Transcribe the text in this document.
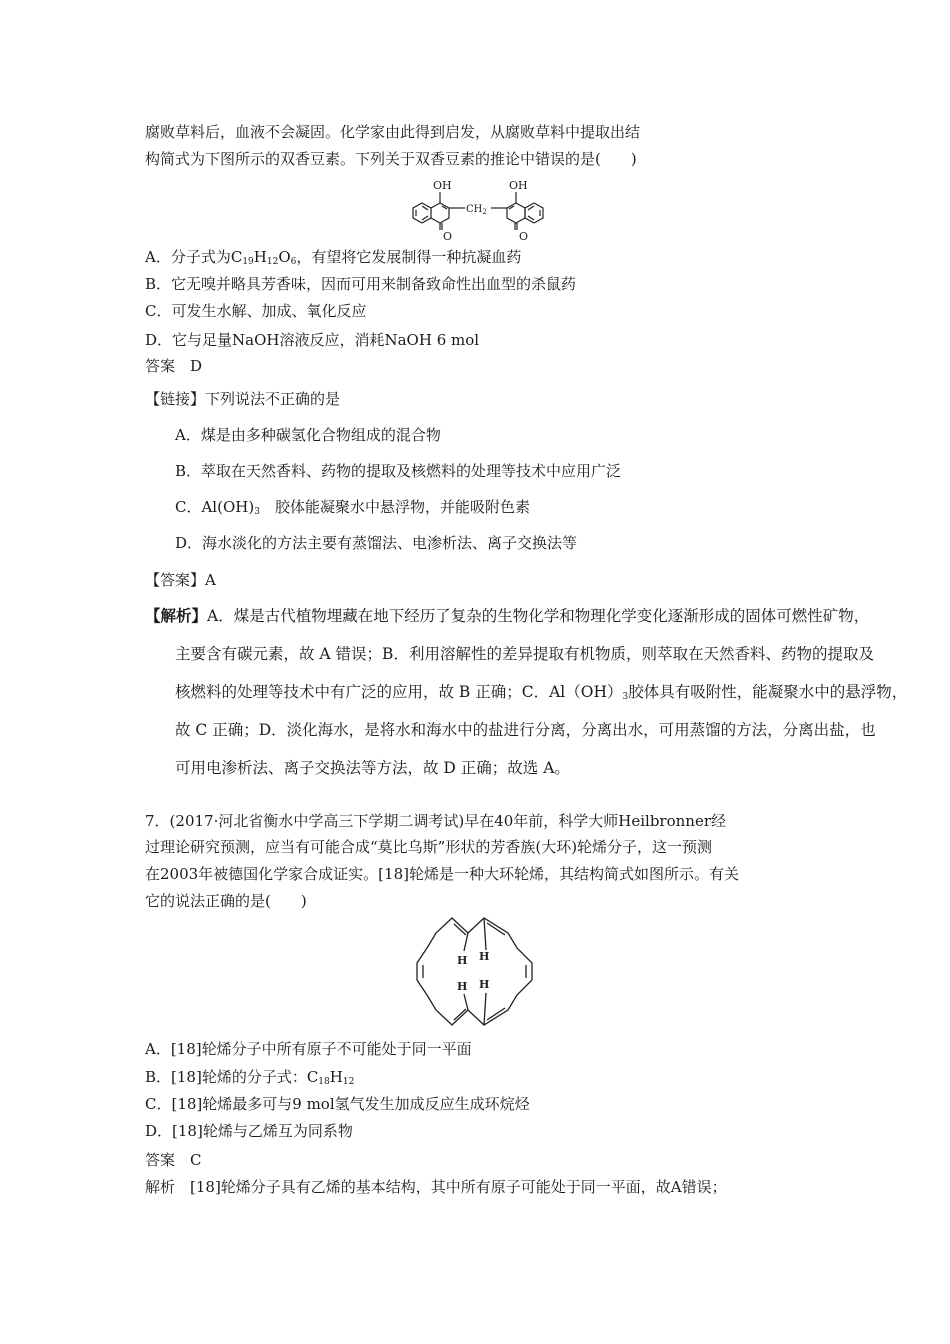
腐败草料后，血液不会凝固。化学家由此得到启发，从腐败草料中提取出结
构简式为下图所示的双香豆素。下列关于双香豆素的推论中错误的是(　　)
OH	OH
$CH_2$
O	O
A．分子式为$C_{19}H_{12}O_6$，有望将它发展制得一种抗凝血药
B．它无嗅并略具芳香味，因而可用来制备致命性出血型的杀鼠药
C．可发生水解、加成、氧化反应
D．它与足量NaOH溶液反应，消耗NaOH 6 mol
答案　D
【链接】下列说法不正确的是
A．煤是由多种碳氢化合物组成的混合物
B．萃取在天然香料、药物的提取及核燃料的处理等技术中应用广泛
C．$Al(OH)_3$　胶体能凝聚水中悬浮物，并能吸附色素
D．海水淡化的方法主要有蒸馏法、电渗析法、离子交换法等
【答案】A
【解析】A．煤是古代植物埋藏在地下经历了复杂的生物化学和物理化学变化逐渐形成的固体可燃性矿物，
主要含有碳元素，故 A 错误；B．利用溶解性的差异提取有机物质，则萃取在天然香料、药物的提取及
核燃料的处理等技术中有广泛的应用，故 B 正确；C．$Al(OH)_3$胶体具有吸附性，能凝聚水中的悬浮物，
故 C 正确；D．淡化海水，是将水和海水中的盐进行分离，分离出水，可用蒸馏的方法，分离出盐，也
可用电渗析法、离子交换法等方法，故 D 正确；故选 A。
7．(2017·河北省衡水中学高三下学期二调考试)早在40年前，科学大师Heilbronner经
过理论研究预测，应当有可能合成“莫比乌斯”形状的芳香族(大环)轮烯分子，这一预测
在2003年被德国化学家合成证实。[18]轮烯是一种大环轮烯，其结构简式如图所示。有关
它的说法正确的是(　　)
H H
H H
A．[18]轮烯分子中所有原子不可能处于同一平面
B．[18]轮烯的分子式：$C_{18}H_{12}$
C．[18]轮烯最多可与9 mol氢气发生加成反应生成环烷烃
D．[18]轮烯与乙烯互为同系物
答案　C
解析　[18]轮烯分子具有乙烯的基本结构，其中所有原子可能处于同一平面，故A错误；
